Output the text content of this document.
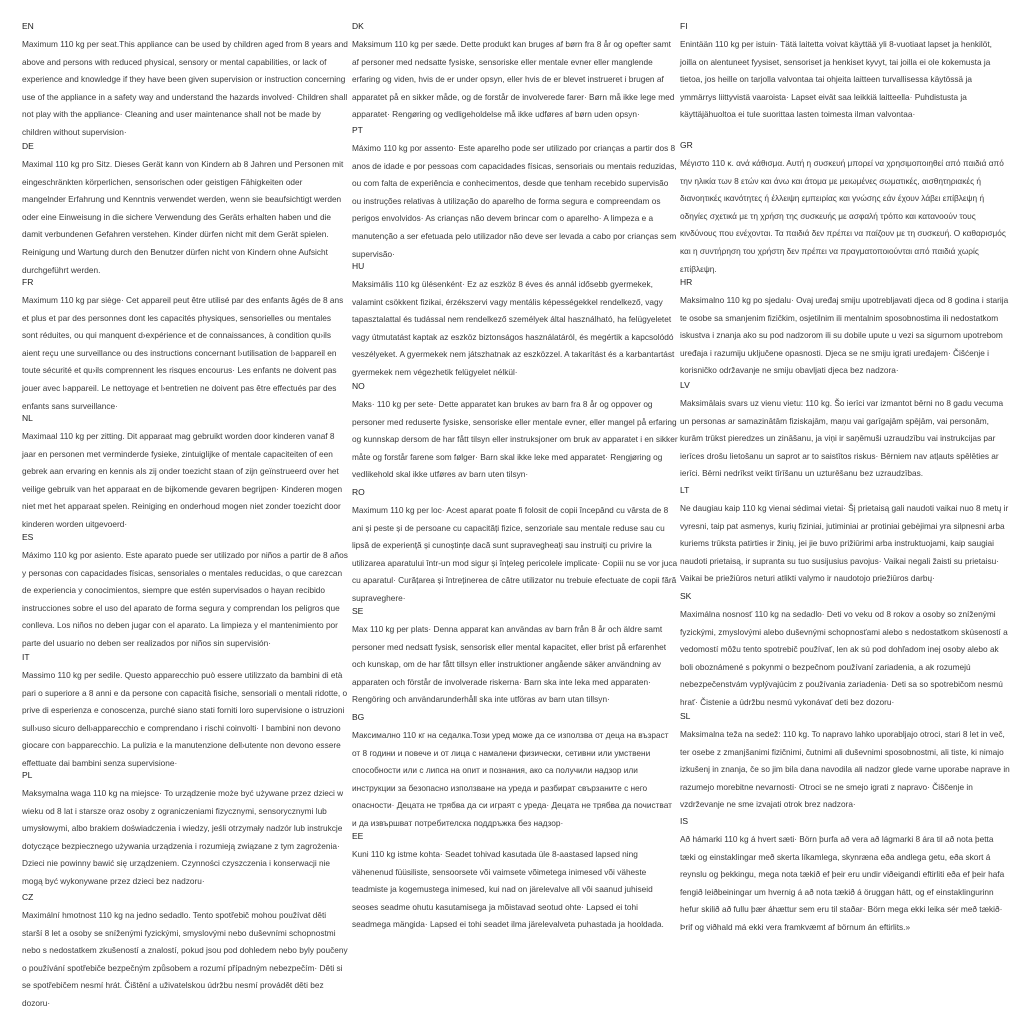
EN

Maximum 110 kg per seat.This appliance can be used by children aged from 8 years and above and persons with reduced physical, sensory or mental capabilities, or lack of experience and knowledge if they have been given supervision or instruction concerning use of the appliance in a safety way and understand the hazards involved· Children shall not play with the appliance· Cleaning and user maintenance shall not be made by children without supervision·

DE

Maximal 110 kg pro Sitz. Dieses Gerät kann von Kindern ab 8 Jahren und Personen mit eingeschränkten körperlichen, sensorischen oder geistigen Fähigkeiten oder mangelnder Erfahrung und Kenntnis verwendet werden, wenn sie beaufsichtigt werden oder eine Einweisung in die sichere Verwendung des Geräts erhalten haben und die damit verbundenen Gefahren verstehen. Kinder dürfen nicht mit dem Gerät spielen. Reinigung und Wartung durch den Benutzer dürfen nicht von Kindern ohne Aufsicht durchgeführt werden.

FR

Maximum 110 kg par siège· Cet appareil peut être utilisé par des enfants âgés de 8 ans et plus et par des personnes dont les capacités physiques, sensorielles ou mentales sont réduites, ou qui manquent d›expérience et de connaissances, à condition qu›ils aient reçu une surveillance ou des instructions concernant l›utilisation de l›appareil en toute sécurité et qu›ils comprennent les risques encourus· Les enfants ne doivent pas jouer avec l›appareil. Le nettoyage et l›entretien ne doivent pas être effectués par des enfants sans surveillance·

NL

Maximaal 110 kg per zitting. Dit apparaat mag gebruikt worden door kinderen vanaf 8 jaar en personen met verminderde fysieke, zintuiglijke of mentale capaciteiten of een gebrek aan ervaring en kennis als zij onder toezicht staan of zijn geïnstrueerd over het veilige gebruik van het apparaat en de bijkomende gevaren begrijpen· Kinderen mogen niet met het apparaat spelen. Reiniging en onderhoud mogen niet zonder toezicht door kinderen worden uitgevoerd·

ES

Máximo 110 kg por asiento. Este aparato puede ser utilizado por niños a partir de 8 años y personas con capacidades físicas, sensoriales o mentales reducidas, o que carezcan de experiencia y conocimientos, siempre que estén supervisados o hayan recibido instrucciones sobre el uso del aparato de forma segura y comprendan los peligros que conlleva. Los niños no deben jugar con el aparato. La limpieza y el mantenimiento por parte del usuario no deben ser realizados por niños sin supervisión·

IT

Massimo 110 kg per sedile. Questo apparecchio può essere utilizzato da bambini di età pari o superiore a 8 anni e da persone con capacità fisiche, sensoriali o mentali ridotte, o prive di esperienza e conoscenza, purché siano stati forniti loro supervisione o istruzioni sull›uso sicuro dell›apparecchio e comprendano i rischi coinvolti· I bambini non devono giocare con l›apparecchio. La pulizia e la manutenzione dell›utente non devono essere effettuate dai bambini senza supervisione·

PL

Maksymalna waga 110 kg na miejsce· To urządzenie może być używane przez dzieci w wieku od 8 lat i starsze oraz osoby z ograniczeniami fizycznymi, sensorycznymi lub umysłowymi, albo brakiem doświadczenia i wiedzy, jeśli otrzymały nadzór lub instrukcje dotyczące bezpiecznego używania urządzenia i rozumieją związane z tym zagrożenia· Dzieci nie powinny bawić się urządzeniem. Czynności czyszczenia i konserwacji nie mogą być wykonywane przez dzieci bez nadzoru·

CZ

Maximální hmotnost 110 kg na jedno sedadlo. Tento spotřebič mohou používat děti starší 8 let a osoby se sníženými fyzickými, smyslovými nebo duševními schopnostmi nebo s nedostatkem zkušeností a znalostí, pokud jsou pod dohledem nebo byly poučeny o používání spotřebiče bezpečným způsobem a rozumí případným nebezpečím· Děti si se spotřebičem nesmí hrát. Čištění a uživatelskou údržbu nesmí provádět děti bez dozoru·

DK

Maksimum 110 kg per sæde. Dette produkt kan bruges af børn fra 8 år og opefter samt af personer med nedsatte fysiske, sensoriske eller mentale evner eller manglende erfaring og viden, hvis de er under opsyn, eller hvis de er blevet instrueret i brugen af apparatet på en sikker måde, og de forstår de involverede farer· Børn må ikke lege med apparatet· Rengøring og vedligeholdelse må ikke udføres af børn uden opsyn·

PT

Máximo 110 kg por assento· Este aparelho pode ser utilizado por crianças a partir dos 8 anos de idade e por pessoas com capacidades físicas, sensoriais ou mentais reduzidas, ou com falta de experiência e conhecimentos, desde que tenham recebido supervisão ou instruções relativas à utilização do aparelho de forma segura e compreendam os perigos envolvidos· As crianças não devem brincar com o aparelho· A limpeza e a manutenção a ser efetuada pelo utilizador não deve ser levada a cabo por crianças sem supervisão·

HU

Maksimális 110 kg ülésenként· Ez az eszköz 8 éves és annál idősebb gyermekek, valamint csökkent fizikai, érzékszervi vagy mentális képességekkel rendelkező, vagy tapasztalattal és tudással nem rendelkező személyek által használható, ha felügyeletet vagy útmutatást kaptak az eszköz biztonságos használatáról, és megértik a kapcsolódó veszélyeket. A gyermekek nem játszhatnak az eszközzel. A takarítást és a karbantartást gyermekek nem végezhetik felügyelet nélkül·

NO

Maks· 110 kg per sete· Dette apparatet kan brukes av barn fra 8 år og oppover og personer med reduserte fysiske, sensoriske eller mentale evner, eller mangel på erfaring og kunnskap dersom de har fått tilsyn eller instruksjoner om bruk av apparatet i en sikker måte og forstår farene som følger· Barn skal ikke leke med apparatet· Rengjøring og vedlikehold skal ikke utføres av barn uten tilsyn·

RO

Maximum 110 kg per loc· Acest aparat poate fi folosit de copii începând cu vârsta de 8 ani și peste și de persoane cu capacități fizice, senzoriale sau mentale reduse sau cu lipsă de experiență și cunoștințe dacă sunt supravegheați sau instruiți cu privire la utilizarea aparatului într-un mod sigur și înțeleg pericolele implicate· Copiii nu se vor juca cu aparatul· Curățarea și întreținerea de către utilizator nu trebuie efectuate de copii fără supraveghere·

SE

Max 110 kg per plats· Denna apparat kan användas av barn från 8 år och äldre samt personer med nedsatt fysisk, sensorisk eller mental kapacitet, eller brist på erfarenhet och kunskap, om de har fått tillsyn eller instruktioner angående säker användning av apparaten och förstår de involverade riskerna· Barn ska inte leka med apparaten· Rengöring och användarunderhåll ska inte utföras av barn utan tillsyn·

BG

Максимално 110 кг на седалка.Този уред може да се използва от деца на възраст от 8 години и повече и от лица с намалени физически, сетивни или умствени способности или с липса на опит и познания, ако са получили надзор или инструкции за безопасно използване на уреда и разбират свързаните с него опасности· Децата не трябва да си играят с уреда· Децата не трябва да почистват и да извършват потребителска поддръжка без надзор·

EE

Kuni 110 kg istme kohta· Seadet tohivad kasutada üle 8-aastased lapsed ning vähenenud füüsiliste, sensoorsete või vaimsete võimetega inimesed või väheste teadmiste ja kogemustega inimesed, kui nad on järelevalve all või saanud juhiseid seoses seadme ohutu kasutamisega ja mõistavad seotud ohte· Lapsed ei tohi seadmega mängida· Lapsed ei tohi seadet ilma järelevalveta puhastada ja hooldada.

FI

Enintään 110 kg per istuin· Tätä laitetta voivat käyttää yli 8-vuotiaat lapset ja henkilöt, joilla on alentuneet fyysiset, sensoriset ja henkiset kyvyt, tai joilla ei ole kokemusta ja tietoa, jos heille on tarjolla valvontaa tai ohjeita laitteen turvallisessa käytössä ja ymmärrys liittyvistä vaaroista· Lapset eivät saa leikkiä laitteella· Puhdistusta ja käyttäjähuoltoa ei tule suorittaa lasten toimesta ilman valvontaa·

GR

Μέγιστο 110 κ. ανά κάθισμα. Αυτή η συσκευή μπορεί να χρησιμοποιηθεί από παιδιά από την ηλικία των 8 ετών και άνω και άτομα με μειωμένες σωματικές, αισθητηριακές ή διανοητικές ικανότητες ή έλλειψη εμπειρίας και γνώσης εάν έχουν λάβει επίβλεψη ή οδηγίες σχετικά με τη χρήση της συσκευής με ασφαλή τρόπο και κατανοούν τους κινδύνους που ενέχονται. Τα παιδιά δεν πρέπει να παίζουν με τη συσκευή. Ο καθαρισμός και η συντήρηση του χρήστη δεν πρέπει να πραγματοποιούνται από παιδιά χωρίς επίβλεψη.

HR

Maksimalno 110 kg po sjedalu· Ovaj uređaj smiju upotrebljavati djeca od 8 godina i starija te osobe sa smanjenim fizičkim, osjetilnim ili mentalnim sposobnostima ili nedostatkom iskustva i znanja ako su pod nadzorom ili su dobile upute u vezi sa sigurnom upotrebom uređaja i razumiju uključene opasnosti. Djeca se ne smiju igrati uređajem· Čišćenje i korisničko održavanje ne smiju obavljati djeca bez nadzora·

LV

Maksimālais svars uz vienu vietu: 110 kg. Šo ierīci var izmantot bērni no 8 gadu vecuma un personas ar samazinātām fiziskajām, maņu vai garīgajām spējām, vai personām, kurām trūkst pieredzes un zināšanu, ja viņi ir saņēmuši uzraudzību vai instrukcijas par ierīces drošu lietošanu un saprot ar to saistītos riskus· Bērniem nav atļauts spēlēties ar ierīci. Bērni nedrīkst veikt tīrīšanu un uzturēšanu bez uzraudzības.

LT

Ne daugiau kaip 110 kg vienai sėdimai vietai· Šį prietaisą gali naudoti vaikai nuo 8 metų ir vyresni, taip pat asmenys, kurių fiziniai, jutiminiai ar protiniai gebėjimai yra silpnesni arba kuriems trūksta patirties ir žinių, jei jie buvo prižiūrimi arba instruktuojami, kaip saugiai naudoti prietaisą, ir supranta su tuo susijusius pavojus· Vaikai negali žaisti su prietaisu· Vaikai be priežiūros neturi atlikti valymo ir naudotojo priežiūros darbų·

SK

Maximálna nosnosť 110 kg na sedadlo· Deti vo veku od 8 rokov a osoby so zníženými fyzickými, zmyslovými alebo duševnými schopnosťami alebo s nedostatkom skúseností a vedomostí môžu tento spotrebič používať, len ak sú pod dohľadom inej osoby alebo ak boli oboznámené s pokynmi o bezpečnom používaní zariadenia, a ak rozumejú nebezpečenstvám vyplývajúcim z používania zariadenia· Deti sa so spotrebičom nesmú hrať· Čistenie a údržbu nesmú vykonávať deti bez dozoru·

SL

Maksimalna teža na sedež: 110 kg. To napravo lahko uporabljajo otroci, stari 8 let in več, ter osebe z zmanjšanimi fizičnimi, čutnimi ali duševnimi sposobnostmi, ali tiste, ki nimajo izkušenj in znanja, če so jim bila dana navodila ali nadzor glede varne uporabe naprave in razumejo morebitne nevarnosti· Otroci se ne smejo igrati z napravo· Čiščenje in vzdrževanje ne sme izvajati otrok brez nadzora·

IS

Að hámarki 110 kg á hvert sæti· Börn þurfa að vera að lágmarki 8 ára til að nota þetta tæki og einstaklingar með skerta líkamlega, skynræna eða andlega getu, eða skort á reynslu og þekkingu, mega nota tækið ef þeir eru undir viðeigandi eftirliti eða ef þeir hafa fengið leiðbeiningar um hvernig á að nota tækið á öruggan hátt, og ef einstaklingurinn hefur skilið að fullu þær áhættur sem eru til staðar· Börn mega ekki leika sér með tækið· Þrif og viðhald má ekki vera framkvæmt af börnum án eftirlits.»
